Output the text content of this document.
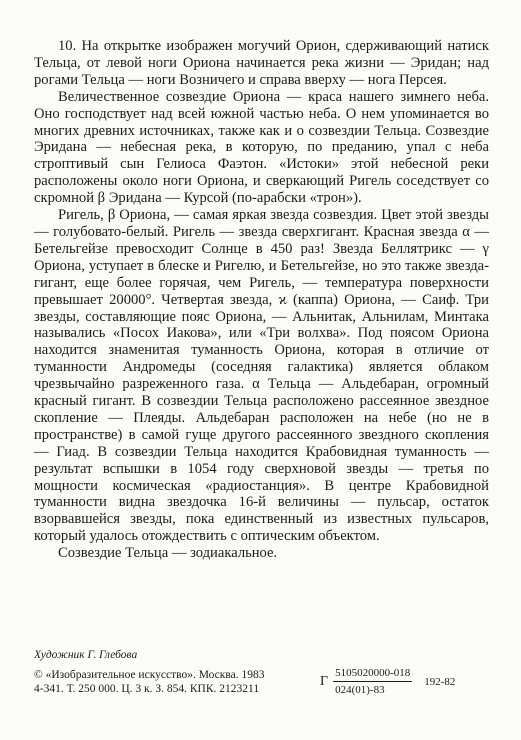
10. На открытке изображен могучий Орион, сдерживающий натиск Тельца, от левой ноги Ориона начинается река жизни — Эридан; над рогами Тельца — ноги Возничего и справа вверху — нога Персея.

Величественное созвездие Ориона — краса нашего зимнего неба. Оно господствует над всей южной частью неба. О нем упоминается во многих древних источниках, также как и о созвездии Тельца. Созвездие Эридана — небесная река, в которую, по преданию, упал с неба строптивый сын Гелиоса Фаэтон. «Истоки» этой небесной реки расположены около ноги Ориона, и сверкающий Ригель соседствует со скромной β Эридана — Курсой (по-арабски «трон»).

Ригель, β Ориона, — самая яркая звезда созвездия. Цвет этой звезды — голубовато-белый. Ригель — звезда сверхгигант. Красная звезда α — Бетельгейзе превосходит Солнце в 450 раз! Звезда Беллятрикс — γ Ориона, уступает в блеске и Ригелю, и Бетельгейзе, но это также звезда-гигант, еще более горячая, чем Ригель, — температура поверхности превышает 20000°. Четвертая звезда, ϰ (каппа) Ориона, — Саиф. Три звезды, составляющие пояс Ориона, — Альнитак, Альнилам, Минтака назывались «Посох Иакова», или «Три волхва». Под поясом Ориона находится знаменитая туманность Ориона, которая в отличие от туманности Андромеды (соседняя галактика) является облаком чрезвычайно разреженного газа. α Тельца — Альдебаран, огромный красный гигант. В созвездии Тельца расположено рассеянное звездное скопление — Плеяды. Альдебаран расположен на небе (но не в пространстве) в самой гуще другого рассеянного звездного скопления — Гиад. В созвездии Тельца находится Крабовидная туманность — результат вспышки в 1054 году сверхновой звезды — третья по мощности космическая «радиостанция». В центре Крабовидной туманности видна звездочка 16-й величины — пульсар, остаток взорвавшейся звезды, пока единственный из известных пульсаров, который удалось отождествить с оптическим объектом.

Созвездие Тельца — зодиакальное.

Художник Г. Глебова
© «Изобразительное искусство». Москва. 1983
4-341. Т. 250 000. Ц. 3 к. З. 854. КПК. 2123211	Г $\frac{5105020000-018}{024(01)-83} 192-82$
